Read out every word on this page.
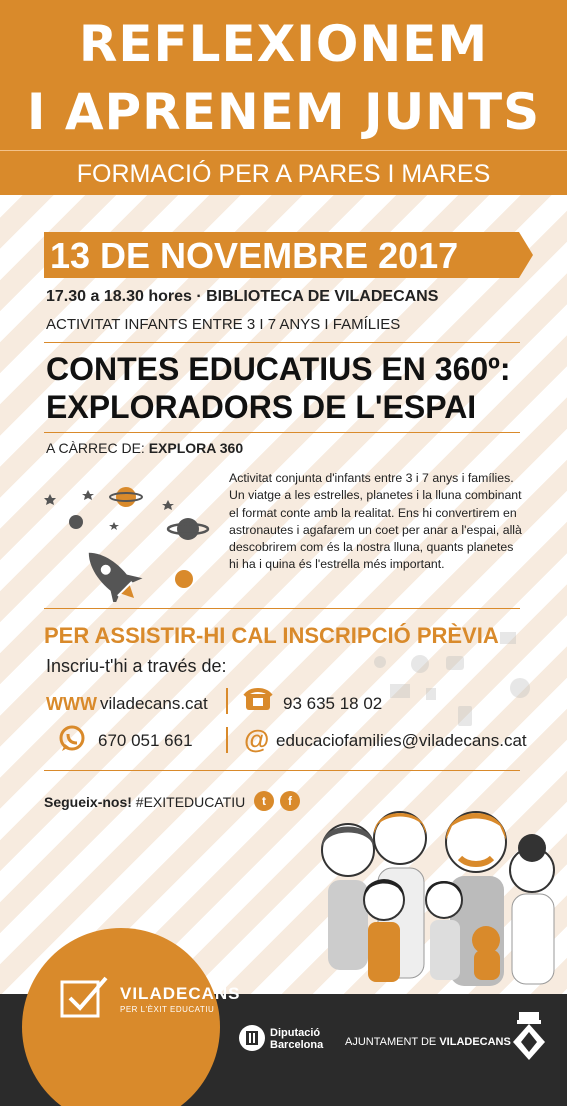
REFLEXIONEM
I APRENEM JUNTS
FORMACIÓ PER A PARES I MARES
13 DE NOVEMBRE 2017
17.30 a 18.30 hores · BIBLIOTECA DE VILADECANS
ACTIVITAT INFANTS ENTRE 3 I 7 ANYS I FAMÍLIES
CONTES EDUCATIUS EN 360º:
EXPLORADORS DE L'ESPAI
A CÀRREC DE: EXPLORA 360
Activitat conjunta d'infants entre 3 i 7 anys i famílies. Un viatge a les estrelles, planetes i la lluna combinant el format conte amb la realitat. Ens hi convertirem en astronautes i agafarem un coet per anar a l'espai, allà descobrirem com és la nostra lluna, quants planetes hi ha i quina és l'estrella més important.
PER ASSISTIR-HI CAL INSCRIPCIÓ PRÈVIA
Inscriu-t'hi a través de:
WWW viladecans.cat	93 635 18 02
670 051 661 @ educaciofamilies@viladecans.cat
Segueix-nos! #EXITEDUCATIU	t	f
VILADECANS
PER L'ÈXIT EDUCATIU
Diputació
Barcelona AJUNTAMENT DE VILADECANS
